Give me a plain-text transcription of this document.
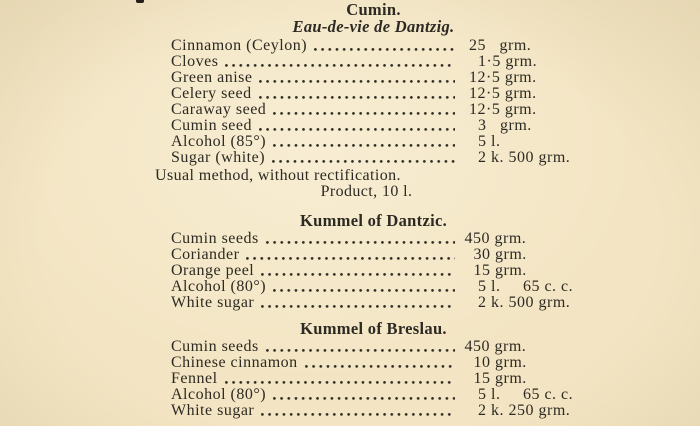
Cumin.
Eau-de-vie de Dantzig.
Cinnamon (Ceylon)	25   grm.
Cloves	1·5 grm.
Green anise	12·5 grm.
Celery seed	12·5 grm.
Caraway seed	12·5 grm.
Cumin seed	3   grm.
Alcohol (85°)	5 l.
Sugar (white)	2 k. 500 grm.
Usual method, without rectification.
Product, 10 l.
Kummel of Dantzic.
Cumin seeds	450 grm.
Coriander	30 grm.
Orange peel	15 grm.
Alcohol (80°)	5 l.     65 c. c.
White sugar	2 k. 500 grm.
Kummel of Breslau.
Cumin seeds	450 grm.
Chinese cinnamon	10 grm.
Fennel	15 grm.
Alcohol (80°)	5 l.     65 c. c.
White sugar	2 k. 250 grm.
